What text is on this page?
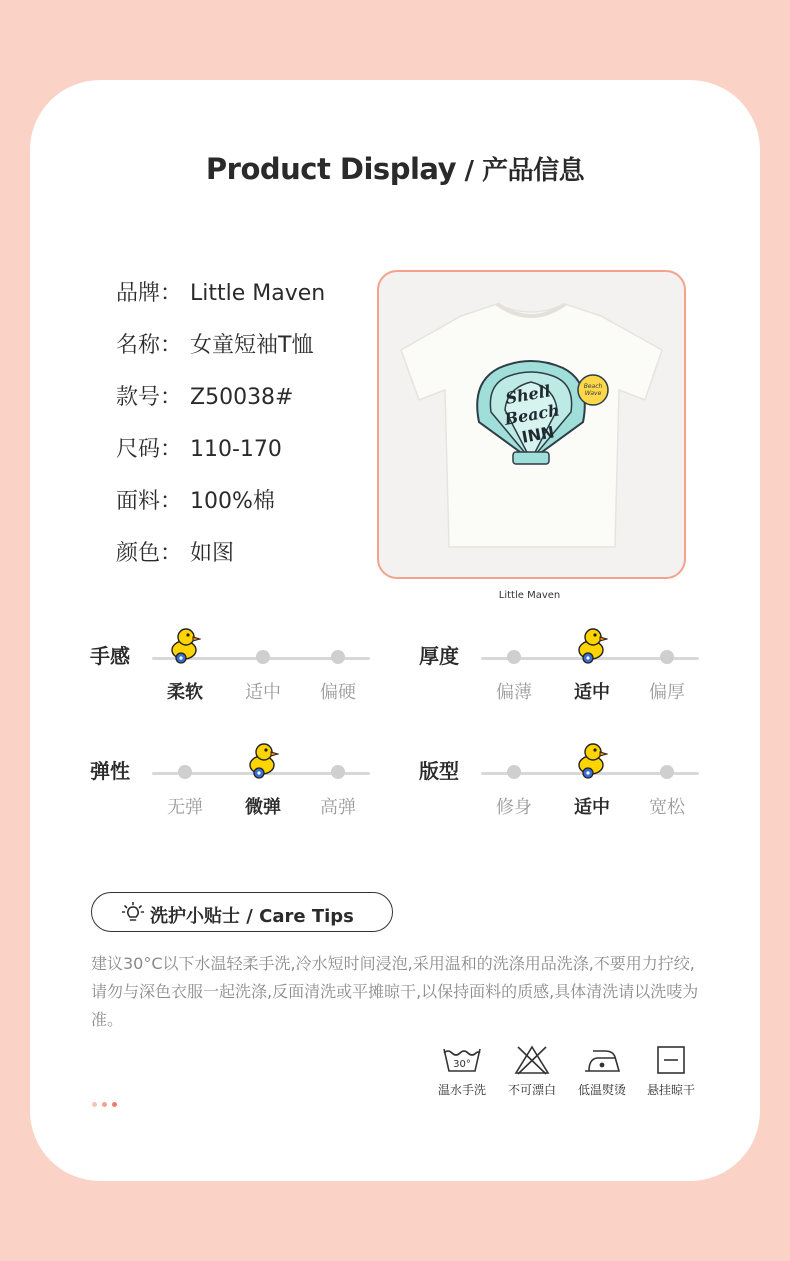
Product Display / 产品信息
品牌： Little Maven
名称： 女童短袖T恤
款号： Z50038#
尺码： 110-170
面料： 100%棉
颜色： 如图
Beach
Wave
Shell
Beach
INN
Little Maven
手感
柔软	适中	偏硬
厚度
偏薄	适中	偏厚
弹性
无弹	微弹	高弹
版型
修身	适中	宽松
洗护小贴士 / Care Tips
建议30°C以下水温轻柔手洗,冷水短时间浸泡,采用温和的洗涤用品洗涤,不要用力拧绞,请勿与深色衣服一起洗涤,反面清洗或平摊晾干,以保持面料的质感,具体清洗请以洗唛为准。
30°
温水手洗	不可漂白	低温熨烫	悬挂晾干
